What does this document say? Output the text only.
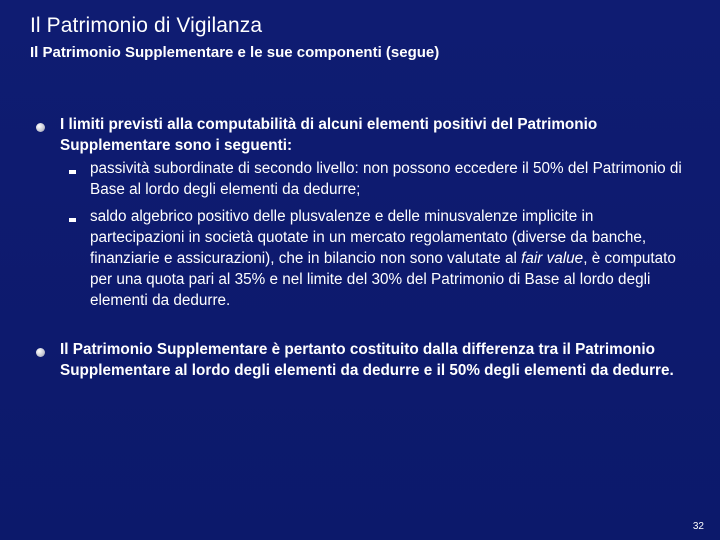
Il Patrimonio di Vigilanza
Il Patrimonio Supplementare e le sue componenti (segue)
I limiti previsti alla computabilità di alcuni elementi positivi del Patrimonio Supplementare sono i seguenti:
passività subordinate di secondo livello: non possono eccedere il 50% del Patrimonio di Base al lordo degli elementi da dedurre;
saldo algebrico positivo delle plusvalenze e delle minusvalenze implicite in partecipazioni in società quotate in un mercato regolamentato (diverse da banche, finanziarie e assicurazioni), che in bilancio non sono valutate al fair value, è computato per una quota pari al 35% e nel limite del 30% del Patrimonio di Base al lordo degli elementi da dedurre.
Il Patrimonio Supplementare è pertanto costituito dalla differenza tra il Patrimonio Supplementare al lordo degli elementi da dedurre e il 50% degli elementi da dedurre.
32
